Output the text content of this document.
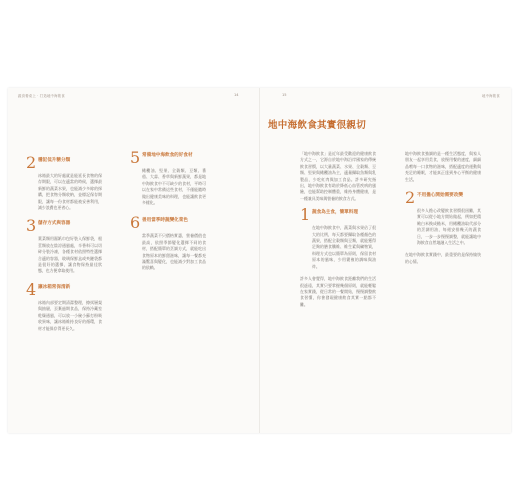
蔬食餐桌上 · 打造地中海飲食	14
2 穩記低升糖分類
冰箱最大的好處就是能延長食物的保存期限，可以在適當的時候，選擇最新鮮的蔬菜水果，也能減少多餘的採購，把食物分類收納，並標記保存期限，讓每一份食材都能被妥善利用，減少浪費也更省心。
3 儲存方式與容器
葉菜類用濕紙巾包好裝入保鮮袋，根莖類放在陰涼通風處，辛香料可以切碎分裝冷凍，各種食材依照特性選擇合適的容器，玻璃保鮮盒或夾鏈袋都是很好的選擇，讓食物保持最佳狀態，也方便拿取使用。
4 讓冰箱常保清新
冰箱內部要定期清潔整理，擦拭層架與抽屜，丟棄過期食品，保持冷藏室乾燥通風，可以放一小碗小蘇打粉吸收異味，讓冰箱維持良好的循環，食材才能保存得更長久。
5 常備地中海飲食的好食材
橄欖油、堅果、全穀類、豆類、番茄、大蒜、香草與新鮮蔬果，都是地中海飲食中不可缺少的食材，平時可以在家中常備這些食材，不僅能隨時做出健康美味的料理，也能讓飲食更多樣化。
6 善用當季時蔬變化菜色
當季蔬菜不只價格實惠，營養價值也最高，依照季節變化選擇不同的食材，搭配簡單的烹調方式，就能吃出食物原本的鮮甜滋味，讓每一餐都充滿驚喜與變化，也能減少對加工食品的依賴。
15	地中海飲食
地中海飲食其實很親切
「地中海飲食」是近年最受歡迎的健康飲食方式之一，它源自於地中海沿岸國家的傳統飲食習慣，以大量蔬菜、水果、全穀類、豆類、堅果與橄欖油為主，適量攝取魚類與乳製品，少吃紅肉與加工食品。許多研究指出，地中海飲食有助於降低心血管疾病的風險，也能幫助控制體重，維持身體健康，是一種兼具美味與營養的飲食方式。
1 蔬食為主食，簡單料理
在地中海飲食中，蔬菜與水果佔了很大的比例，每天都要攝取各種顏色的蔬果，搭配全穀類與豆類，就能獲得足夠的膳食纖維、維生素與礦物質，料理方式也以簡單為原則，保留食材原本的風味，少用繁複的調味與油炸。
許多人會覺得，地中海飲食距離我們的生活很遙遠，其實只要掌握幾個原則，就能輕鬆在家實踐，從日常的一餐開始，慢慢調整飲食習慣，你會發現健康飲食其實一點都不難。
地中海飲食強調的是一種生活態度，與家人朋友一起享用美食，放慢用餐的速度，細細品嚐每一口食物的滋味，搭配適度的運動與充足的睡眠，才能真正達到身心平衡的健康生活。
2 不用擔心開始需要改變
很多人擔心改變飲食習慣很困難，其實可以從小地方開始做起，例如把精緻白米換成糙米，用橄欖油取代部分的烹調用油，每週安排幾天的蔬食日，一步一步慢慢調整，就能讓地中海飲食自然地融入生活之中。
在地中海飲食實踐中，最重要的是保持愉快的心情。
